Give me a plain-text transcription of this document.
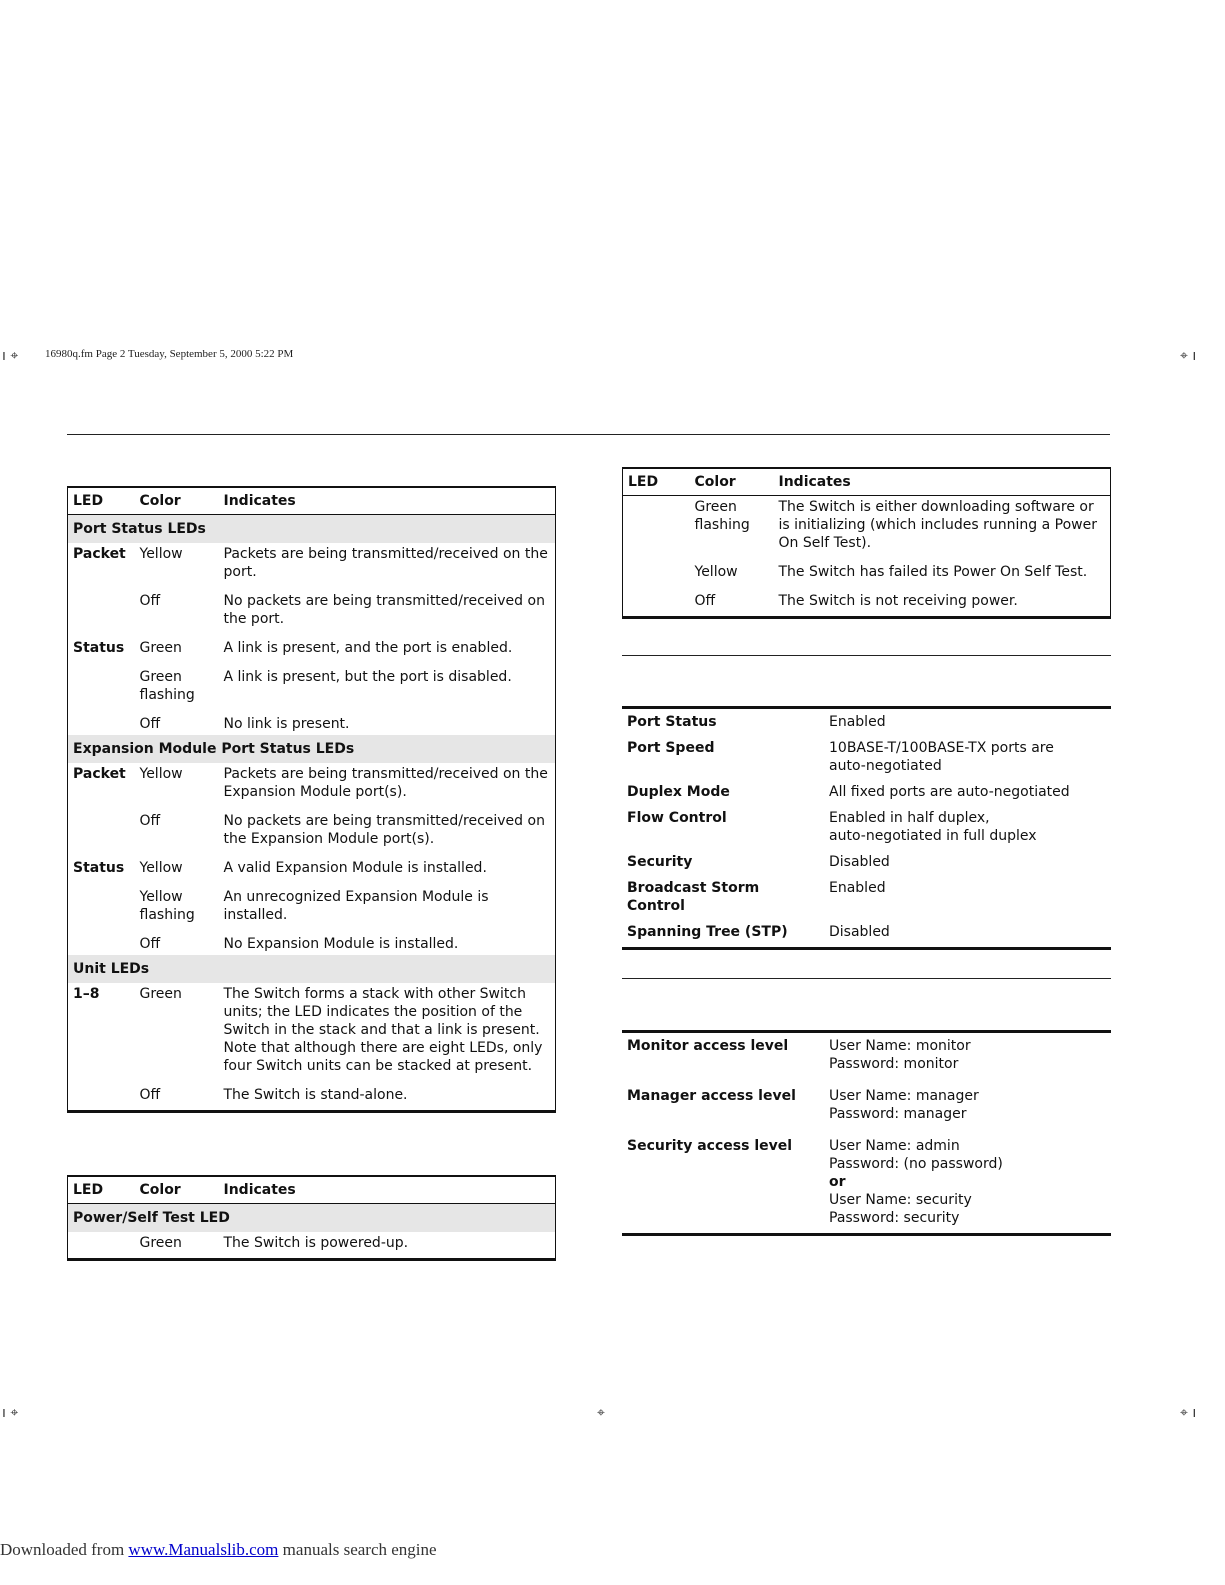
16980q.fm Page 2 Tuesday, September 5, 2000 5:22 PM
ı ⌖	⌖ ı
ı ⌖	⌖	⌖ ı
LED	Color	Indicates
Port Status LEDs		
Packet	Yellow	Packets are being transmitted/received on the port.
	Off	No packets are being transmitted/received on the port.
Status	Green	A link is present, and the port is enabled.
	Green flashing	A link is present, but the port is disabled.
	Off	No link is present.
Expansion Module Port Status LEDs		
Packet	Yellow	Packets are being transmitted/received on the Expansion Module port(s).
	Off	No packets are being transmitted/received on the Expansion Module port(s).
Status	Yellow	A valid Expansion Module is installed.
	Yellow flashing	An unrecognized Expansion Module is installed.
	Off	No Expansion Module is installed.
Unit LEDs		
1–8	Green	The Switch forms a stack with other Switch units; the LED indicates the position of the Switch in the stack and that a link is present. Note that although there are eight LEDs, only four Switch units can be stacked at present.
	Off	The Switch is stand-alone.
LED	Color	Indicates
Power/Self Test LED		
	Green	The Switch is powered-up.
LED	Color	Indicates
	Green flashing	The Switch is either downloading software or is initializing (which includes running a Power On Self Test).
	Yellow	The Switch has failed its Power On Self Test.
	Off	The Switch is not receiving power.
Port Status	Enabled
Port Speed	10BASE-T/100BASE-TX ports are
auto-negotiated
Duplex Mode	All fixed ports are auto-negotiated
Flow Control	Enabled in half duplex,
auto-negotiated in full duplex
Security	Disabled
Broadcast Storm Control	Enabled
Spanning Tree (STP)	Disabled
Monitor access level	User Name: monitor
Password: monitor

Manager access level	User Name: manager
Password: manager

Security access level	User Name: admin
Password: (no password)
or
User Name: security
Password: security
Downloaded from www.Manualslib.com manuals search engine
